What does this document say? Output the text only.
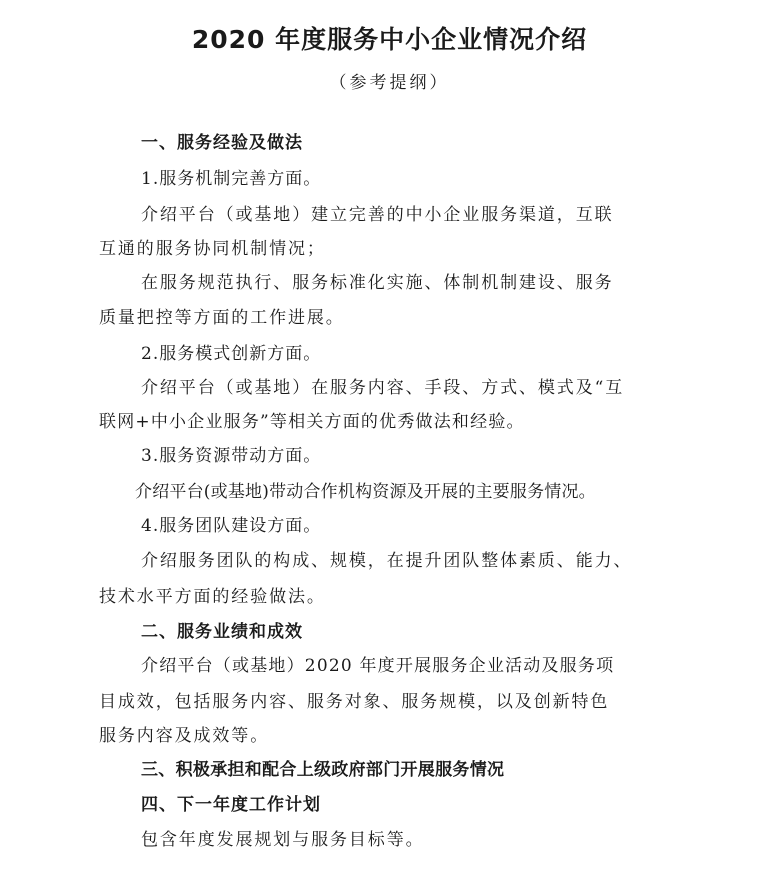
2020 年度服务中小企业情况介绍
（参考提纲）
一、服务经验及做法
1.服务机制完善方面。
介绍平台（或基地）建立完善的中小企业服务渠道，互联
互通的服务协同机制情况；
在服务规范执行、服务标准化实施、体制机制建设、服务
质量把控等方面的工作进展。
2.服务模式创新方面。
介绍平台（或基地）在服务内容、手段、方式、模式及“互
联网+中小企业服务”等相关方面的优秀做法和经验。
3.服务资源带动方面。
介绍平台(或基地)带动合作机构资源及开展的主要服务情况。
4.服务团队建设方面。
介绍服务团队的构成、规模，在提升团队整体素质、能力、
技术水平方面的经验做法。
二、服务业绩和成效
介绍平台（或基地）2020 年度开展服务企业活动及服务项
目成效，包括服务内容、服务对象、服务规模，以及创新特色
服务内容及成效等。
三、积极承担和配合上级政府部门开展服务情况
四、下一年度工作计划
包含年度发展规划与服务目标等。
